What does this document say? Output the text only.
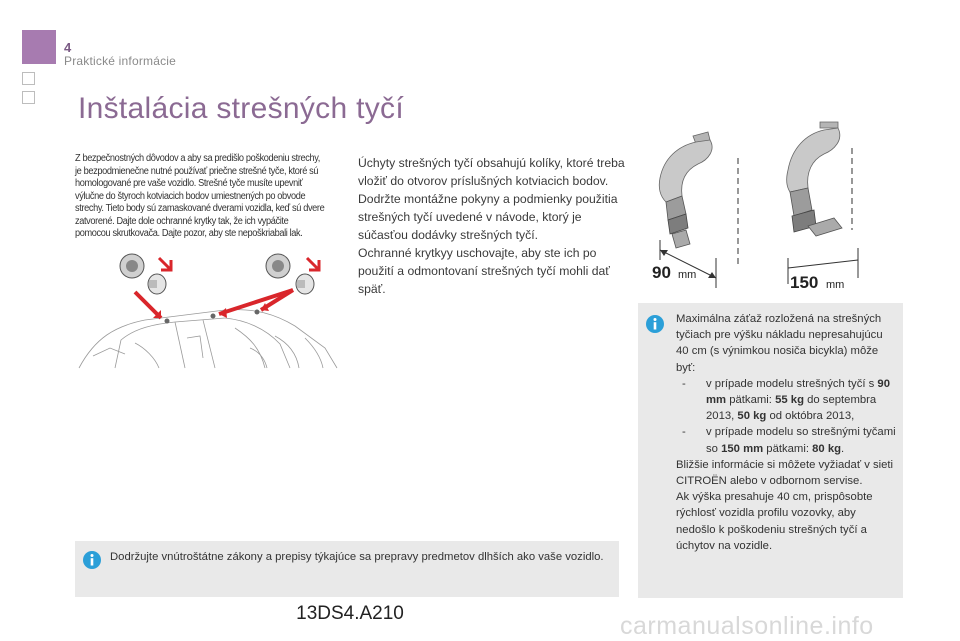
4
Praktické informácie
Inštalácia strešných tyčí
Z bezpečnostných dôvodov a aby sa predišlo poškodeniu strechy, je bezpodmienečne nutné používať priečne strešné tyče, ktoré sú homologované pre vaše vozidlo. Strešné tyče musíte upevniť výlučne do štyroch kotviacich bodov umiestnených po obvode strechy. Tieto body sú zamaskované dverami vozidla, keď sú dvere zatvorené. Dajte dole ochranné krytky tak, že ich vypáčite pomocou skrutkovača. Dajte pozor, aby ste nepoškriabali lak.

Úchyty strešných tyčí obsahujú kolíky, ktoré treba vložiť do otvorov príslušných kotviacich bodov.

Dodržte montážne pokyny a podmienky použitia strešných tyčí uvedené v návode, ktorý je súčasťou dodávky strešných tyčí.

Ochranné krytkyy uschovajte, aby ste ich po použití a odmontovaní strešných tyčí mohli dať späť.

90 mm	150 mm

Maximálna záťaž rozložená na strešných tyčiach pre výšku nákladu nepresahujúcu 40 cm (s výnimkou nosiča bicykla) môže byť:

-	v prípade modelu strešných tyčí s 90 mm pätkami: 55 kg do septembra 2013, 50 kg od októbra 2013,
-	v prípade modelu so strešnými tyčami so 150 mm pätkami: 80 kg.

Bližšie informácie si môžete vyžiadať v sieti CITROËN alebo v odbornom servise.

Ak výška presahuje 40 cm, prispôsobte rýchlosť vozidla profilu vozovky, aby nedošlo k poškodeniu strešných tyčí a úchytov na vozidle.

Dodržujte vnútroštátne zákony a prepisy týkajúce sa prepravy predmetov dlhších ako vaše vozidlo.
13DS4.A210	carmanualsonline.info
